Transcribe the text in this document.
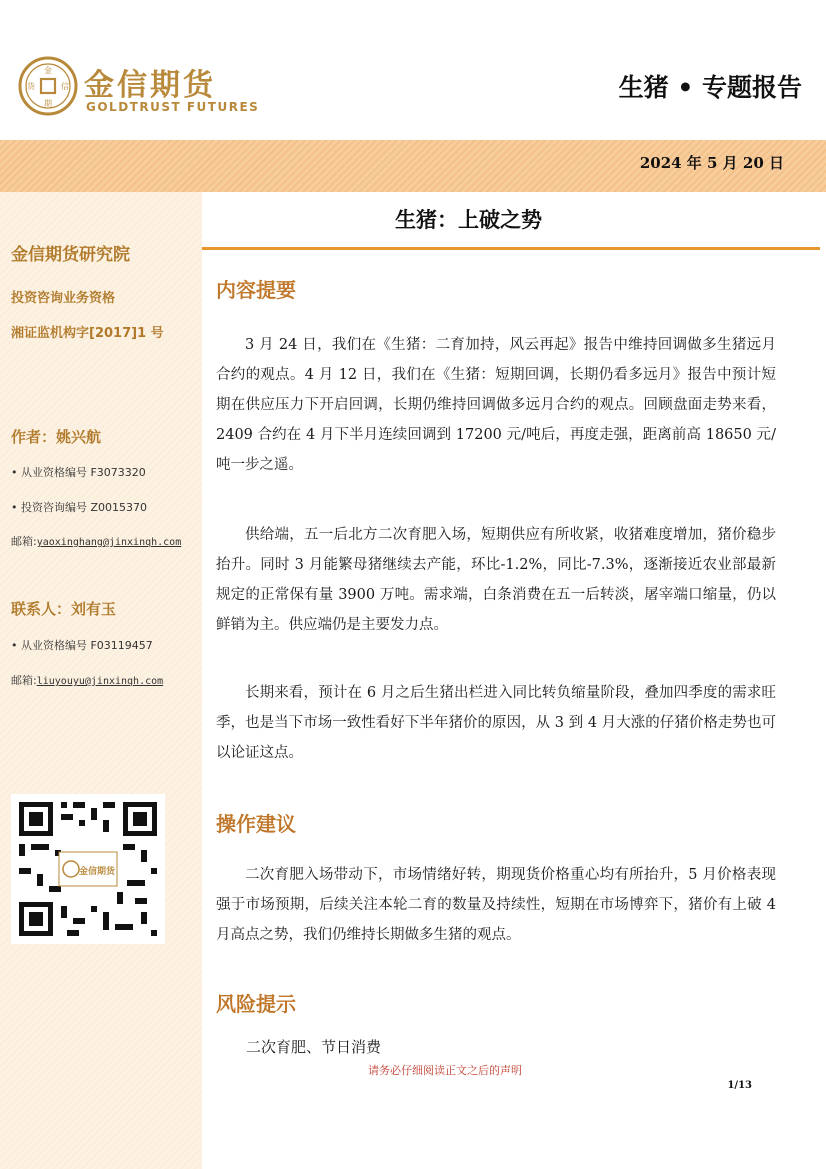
金
期
货	信 金信期货
GOLDTRUST FUTURES
生猪 • 专题报告
2024 年 5 月 20 日
生猪：上破之势
金信期货研究院
投资咨询业务资格
湘证监机构字[2017]1 号
作者：姚兴航
• 从业资格编号 F3073320
• 投资咨询编号 Z0015370
邮箱:yaoxinghang@jinxinqh.com
联系人：刘有玉
• 从业资格编号 F03119457
邮箱:liuyouyu@jinxinqh.com
金信期货
内容提要
3 月 24 日，我们在《生猪：二育加持，风云再起》报告中维持回调做多生猪远月合约的观点。4 月 12 日，我们在《生猪：短期回调，长期仍看多远月》报告中预计短期在供应压力下开启回调，长期仍维持回调做多远月合约的观点。回顾盘面走势来看，2409 合约在 4 月下半月连续回调到 17200 元/吨后，再度走强，距离前高 18650 元/吨一步之遥。
供给端，五一后北方二次育肥入场，短期供应有所收紧，收猪难度增加，猪价稳步抬升。同时 3 月能繁母猪继续去产能，环比-1.2%，同比-7.3%，逐渐接近农业部最新规定的正常保有量 3900 万吨。需求端，白条消费在五一后转淡，屠宰端口缩量，仍以鲜销为主。供应端仍是主要发力点。
长期来看，预计在 6 月之后生猪出栏进入同比转负缩量阶段，叠加四季度的需求旺季，也是当下市场一致性看好下半年猪价的原因，从 3 到 4 月大涨的仔猪价格走势也可以论证这点。
操作建议
二次育肥入场带动下，市场情绪好转，期现货价格重心均有所抬升，5 月价格表现强于市场预期，后续关注本轮二育的数量及持续性，短期在市场博弈下，猪价有上破 4 月高点之势，我们仍维持长期做多生猪的观点。
风险提示
二次育肥、节日消费
请务必仔细阅读正文之后的声明
1/13
